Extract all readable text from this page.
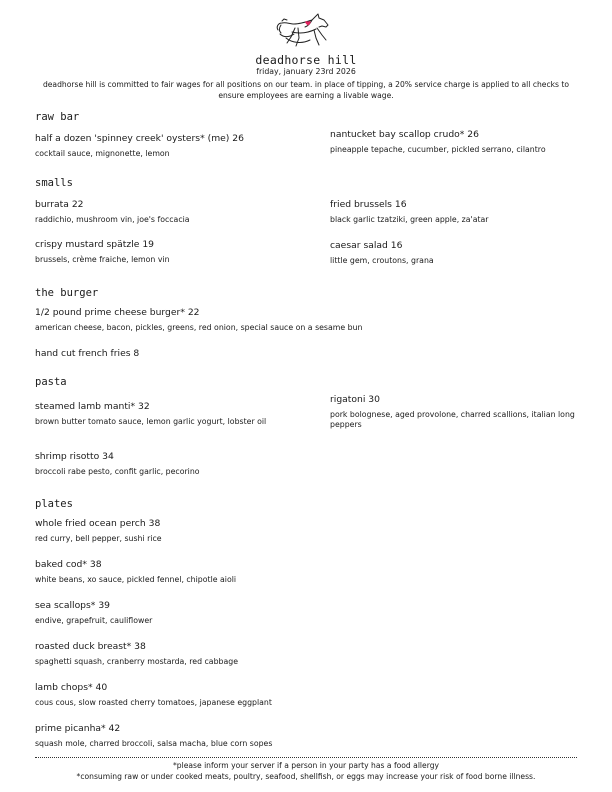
deadhorse hill
friday, january 23rd 2026
deadhorse hill is committed to fair wages for all positions on our team. in place of tipping, a 20% service charge is applied to all checks to ensure employees are earning a livable wage.
raw bar
half a dozen 'spinney creek' oysters* (me) 26
cocktail sauce, mignonette, lemon
nantucket bay scallop crudo* 26
pineapple tepache, cucumber, pickled serrano, cilantro
smalls
burrata 22
raddichio, mushroom vin, joe's foccacia
fried brussels 16
black garlic tzatziki, green apple, za'atar
crispy mustard spätzle 19
brussels, crème fraiche, lemon vin
caesar salad 16
little gem, croutons, grana
the burger
1/2 pound prime cheese burger* 22
american cheese, bacon, pickles, greens, red onion, special sauce on a sesame bun
hand cut french fries 8
pasta
steamed lamb manti* 32
brown butter tomato sauce, lemon garlic yogurt, lobster oil
rigatoni 30
pork bolognese, aged provolone, charred scallions, italian long peppers
shrimp risotto 34
broccoli rabe pesto, confit garlic, pecorino
plates
whole fried ocean perch 38
red curry, bell pepper, sushi rice
baked cod* 38
white beans, xo sauce, pickled fennel, chipotle aioli
sea scallops* 39
endive, grapefruit, cauliflower
roasted duck breast* 38
spaghetti squash, cranberry mostarda, red cabbage
lamb chops* 40
cous cous, slow roasted cherry tomatoes, japanese eggplant
prime picanha* 42
squash mole, charred broccoli, salsa macha, blue corn sopes
*please inform your server if a person in your party has a food allergy
*consuming raw or under cooked meats, poultry, seafood, shellfish, or eggs may increase your risk of food borne illness.
